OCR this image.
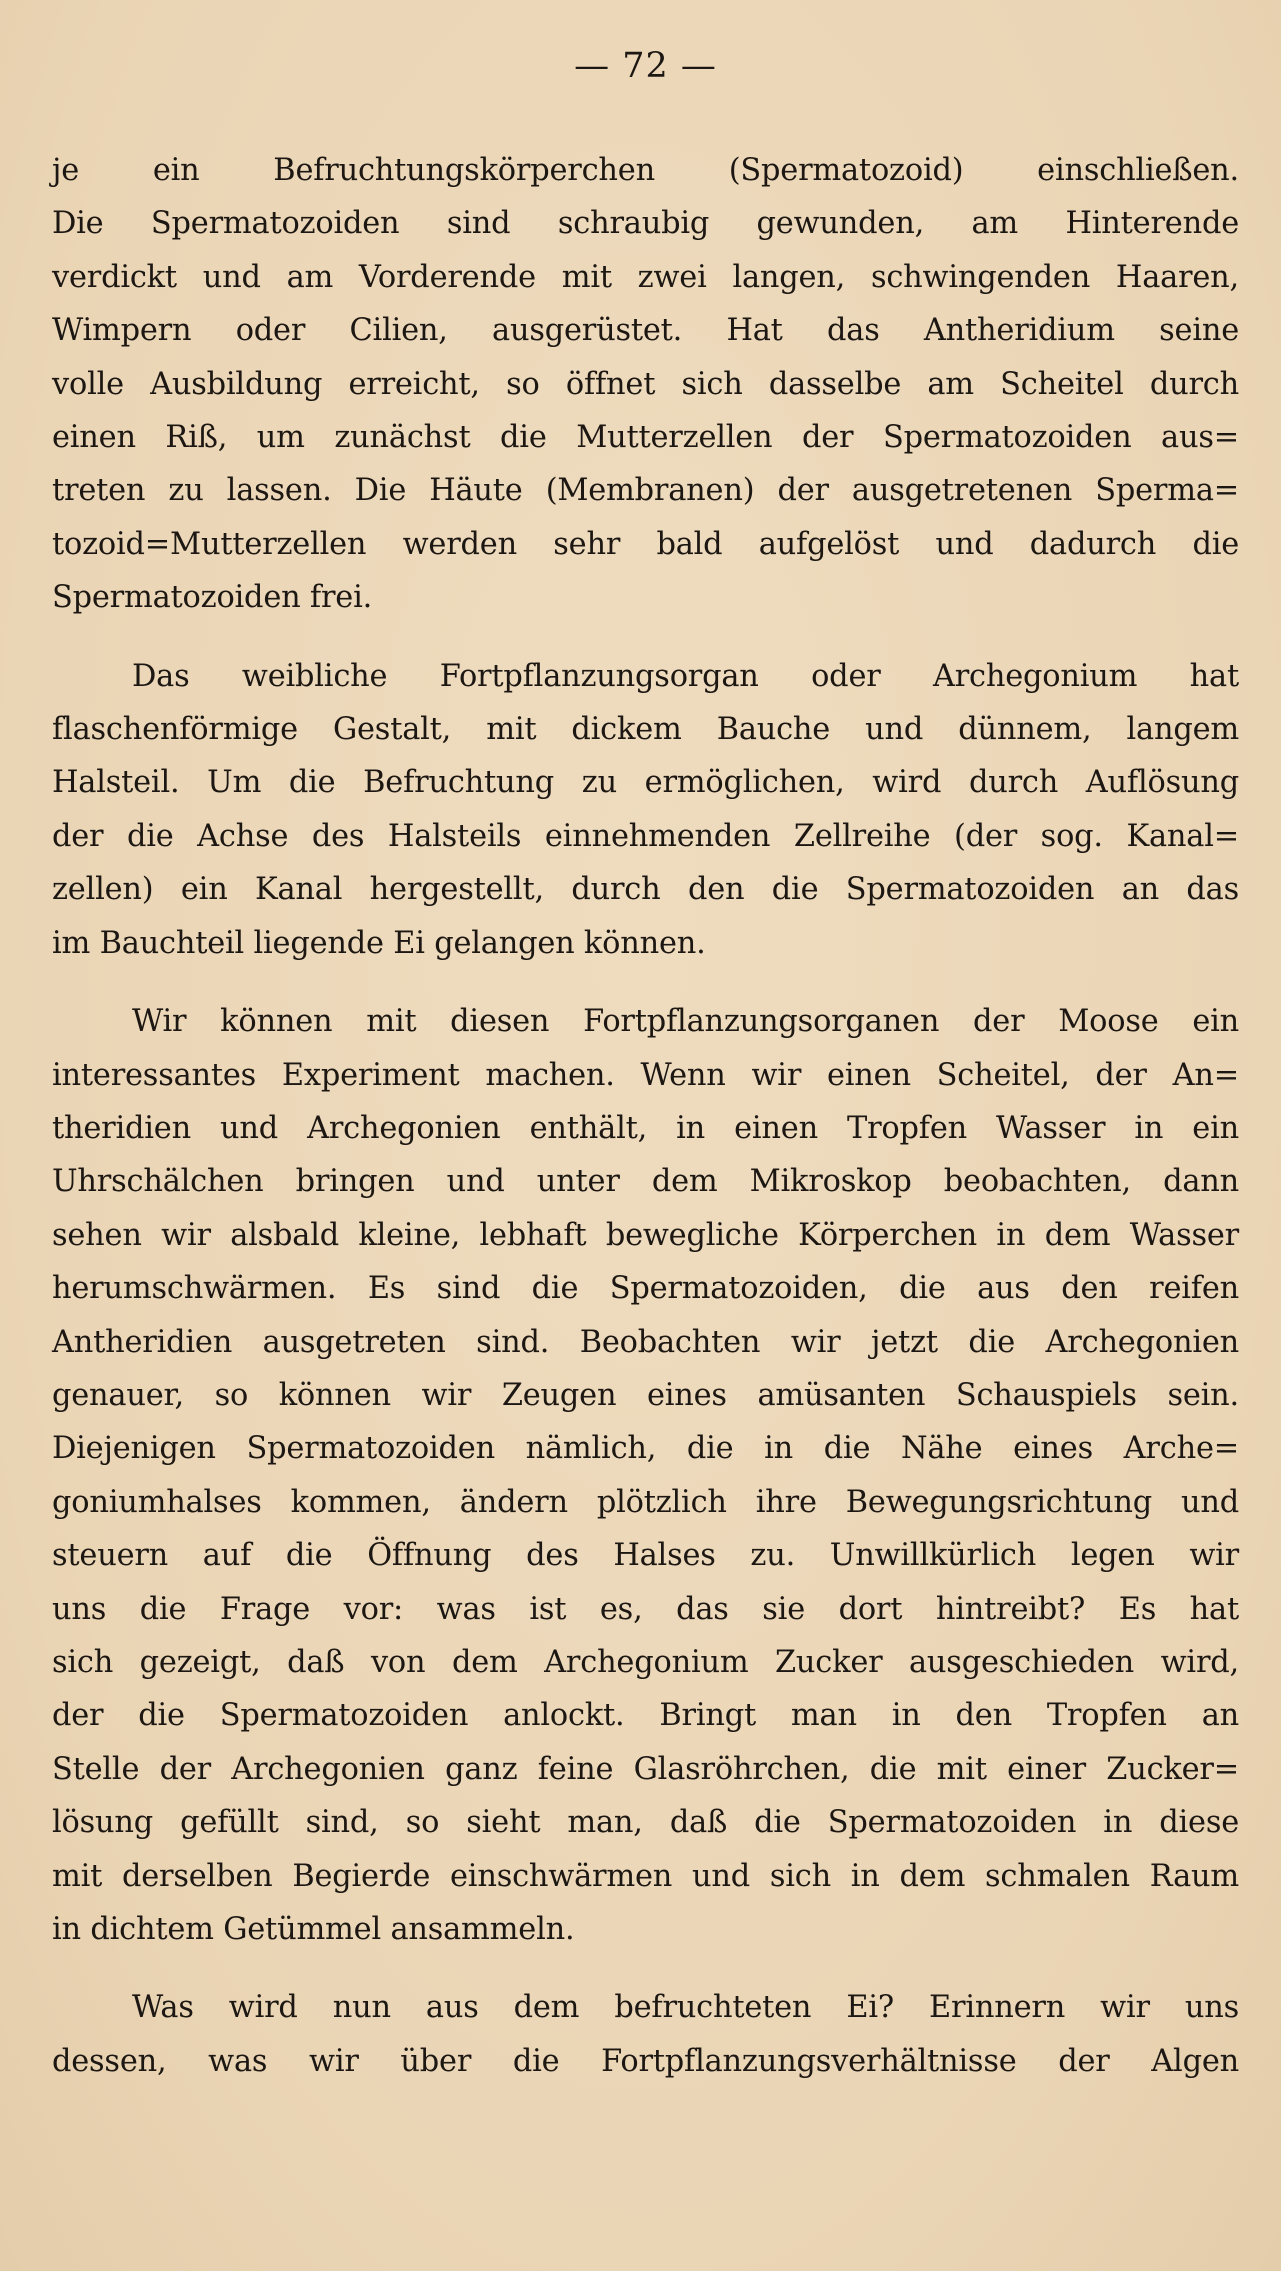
— 72 —
je ein Befruchtungskörperchen (Spermatozoid) einschließen.
Die Spermatozoiden sind schraubig gewunden, am Hinterende
verdickt und am Vorderende mit zwei langen, schwingenden Haaren,
Wimpern oder Cilien, ausgerüstet. Hat das Antheridium seine
volle Ausbildung erreicht, so öffnet sich dasselbe am Scheitel durch
einen Riß, um zunächst die Mutterzellen der Spermatozoiden aus=
treten zu lassen. Die Häute (Membranen) der ausgetretenen Sperma=
tozoid=Mutterzellen werden sehr bald aufgelöst und dadurch die
Spermatozoiden frei.
Das weibliche Fortpflanzungsorgan oder Archegonium hat
flaschenförmige Gestalt, mit dickem Bauche und dünnem, langem
Halsteil. Um die Befruchtung zu ermöglichen, wird durch Auflösung
der die Achse des Halsteils einnehmenden Zellreihe (der sog. Kanal=
zellen) ein Kanal hergestellt, durch den die Spermatozoiden an das
im Bauchteil liegende Ei gelangen können.
Wir können mit diesen Fortpflanzungsorganen der Moose ein
interessantes Experiment machen. Wenn wir einen Scheitel, der An=
theridien und Archegonien enthält, in einen Tropfen Wasser in ein
Uhrschälchen bringen und unter dem Mikroskop beobachten, dann
sehen wir alsbald kleine, lebhaft bewegliche Körperchen in dem Wasser
herumschwärmen. Es sind die Spermatozoiden, die aus den reifen
Antheridien ausgetreten sind. Beobachten wir jetzt die Archegonien
genauer, so können wir Zeugen eines amüsanten Schauspiels sein.
Diejenigen Spermatozoiden nämlich, die in die Nähe eines Arche=
goniumhalses kommen, ändern plötzlich ihre Bewegungsrichtung und
steuern auf die Öffnung des Halses zu. Unwillkürlich legen wir
uns die Frage vor: was ist es, das sie dort hintreibt? Es hat
sich gezeigt, daß von dem Archegonium Zucker ausgeschieden wird,
der die Spermatozoiden anlockt. Bringt man in den Tropfen an
Stelle der Archegonien ganz feine Glasröhrchen, die mit einer Zucker=
lösung gefüllt sind, so sieht man, daß die Spermatozoiden in diese
mit derselben Begierde einschwärmen und sich in dem schmalen Raum
in dichtem Getümmel ansammeln.
Was wird nun aus dem befruchteten Ei? Erinnern wir uns
dessen, was wir über die Fortpflanzungsverhältnisse der Algen
